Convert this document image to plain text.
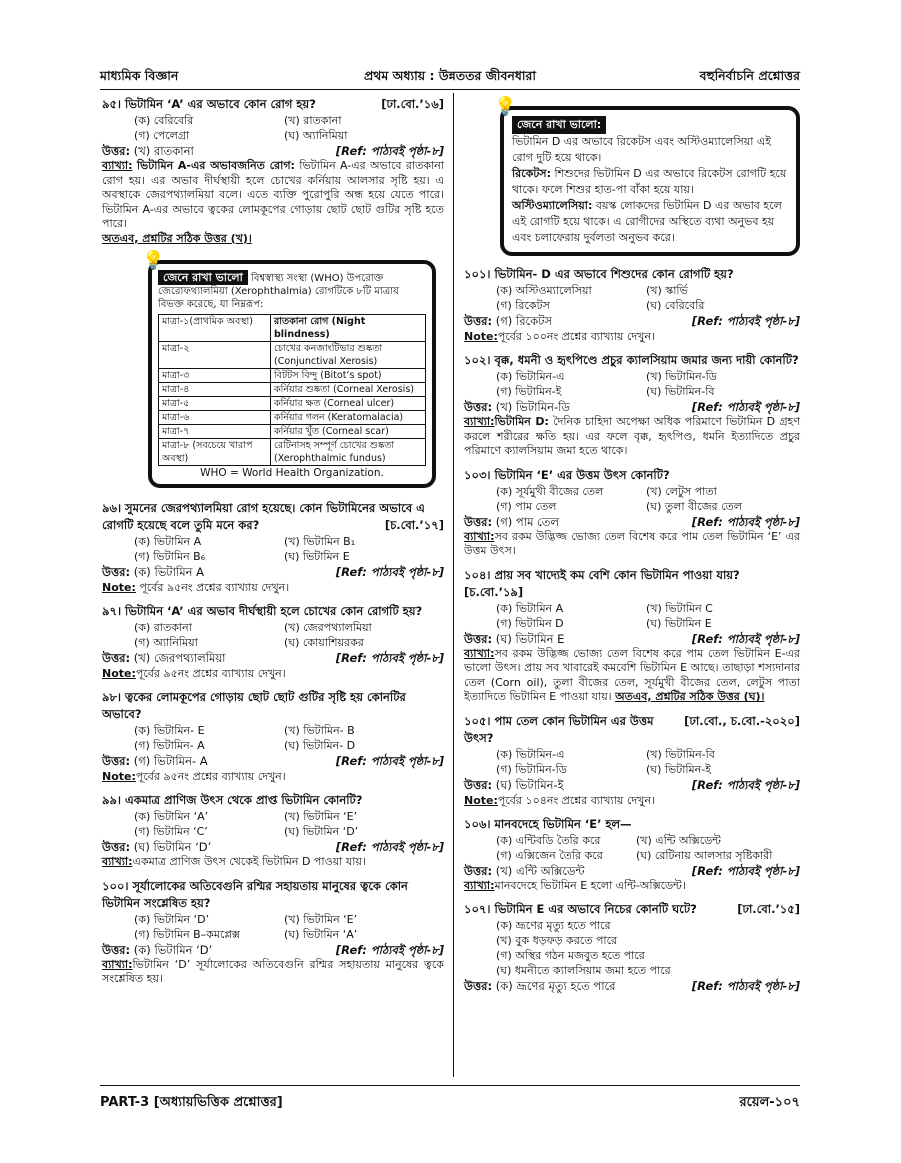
মাধ্যমিক বিজ্ঞান	প্রথম অধ্যায় : উন্নততর জীবনধারা	বহুনির্বাচনি প্রশ্নোত্তর
[ঢা.বো.’১৬]
৯৫। ভিটামিন ‘A’ এর অভাবে কোন রোগ হয়?
(ক) বেরিবেরি	(খ) রাতকানা
(গ) পেলেগ্রা	(ঘ) অ্যানিমিয়া
[Ref: পাঠ্যবই পৃষ্ঠা-৮]
উত্তর: (খ) রাতকানা
ব্যাখ্যা: ভিটামিন A-এর অভাবজনিত রোগ: ভিটামিন A-এর অভাবে রাতকানা রোগ হয়। এর অভাব দীর্ঘস্থায়ী হলে চোখের কর্নিয়ায় আলসার সৃষ্টি হয়। এ অবস্থাকে জেরপথ্যালমিয়া বলে। এতে ব্যক্তি পুরোপুরি অন্ধ হয়ে যেতে পারে। ভিটামিন A-এর অভাবে ত্বকের লোমকূপের গোড়ায় ছোট ছোট গুটির সৃষ্টি হতে পারে।
অতএব, প্রশ্নটির সঠিক উত্তর (খ)।
💡

জেনে রাখা ভালো বিশ্বস্বাস্থ্য সংস্থা (WHO) উপরোক্ত জেরোফথ্যালমিয়া (Xerophthalmia) রোগটিকে ৮টি মাত্রায় বিভক্ত করেছে, যা নিম্নরূপ:

মাত্রা-১(প্রাথমিক অবস্থা)	রাতকানা রোগ (Night blindness)
মাত্রা-২	চোখের কনজাংটিভার শুষ্কতা (Conjunctival Xerosis)
মাত্রা-৩	বিটটস বিন্দু (Bitot’s spot)
মাত্রা-৪	কর্নিয়ার শুষ্কতা (Corneal Xerosis)
মাত্রা-৫	কর্নিয়ার ক্ষত (Corneal ulcer)
মাত্রা-৬	কর্নিয়ার গলন (Keratomalacia)
মাত্রা-৭	কর্নিয়ার খুঁত (Corneal scar)
মাত্রা-৮ (সবচেয়ে খারাপ অবস্থা)	রেটিনাসহ সম্পূর্ণ চোখের শুষ্কতা (Xerophthalmic fundus)

WHO = World Health Organization.

৯৬। সুমনের জেরপথ্যালমিয়া রোগ হয়েছে। কোন ভিটামিনের অভাবে এ রোগটি হয়েছে বলে তুমি মনে কর?	[চ.বো.’১৭]
(ক) ভিটামিন A	(খ) ভিটামিন B₁
(গ) ভিটামিন B₆	(ঘ) ভিটামিন E
[Ref: পাঠ্যবই পৃষ্ঠা-৮]
উত্তর: (ক) ভিটামিন A
Note: পূর্বের ৯৫নং প্রশ্নের ব্যাখ্যায় দেখুন।
৯৭। ভিটামিন ‘A’ এর অভাব দীর্ঘস্থায়ী হলে চোখের কোন রোগটি হয়?
(ক) রাতকানা	(খ) জেরপথ্যালমিয়া
(গ) অ্যানিমিয়া	(ঘ) কোয়াশিয়রকর
[Ref: পাঠ্যবই পৃষ্ঠা-৮]
উত্তর: (খ) জেরপথ্যালমিয়া
Note:পূর্বের ৯৫নং প্রশ্নের ব্যাখ্যায় দেখুন।
৯৮। ত্বকের লোমকূপের গোড়ায় ছোট ছোট গুটির সৃষ্টি হয় কোনটির অভাবে?
(ক) ভিটামিন- E	(খ) ভিটামিন- B
(গ) ভিটামিন- A	(ঘ) ভিটামিন- D
[Ref: পাঠ্যবই পৃষ্ঠা-৮]
উত্তর: (গ) ভিটামিন- A
Note:পূর্বের ৯৫নং প্রশ্নের ব্যাখ্যায় দেখুন।
৯৯। একমাত্র প্রাণিজ উৎস থেকে প্রাপ্ত ভিটামিন কোনটি?
(ক) ভিটামিন ‘A’	(খ) ভিটামিন ‘E’
(গ) ভিটামিন ‘C’	(ঘ) ভিটামিন ‘D’
[Ref: পাঠ্যবই পৃষ্ঠা-৮]
উত্তর: (ঘ) ভিটামিন ‘D’
ব্যাখ্যা:একমাত্র প্রাণিজ উৎস থেকেই ভিটামিন D পাওয়া যায়।
১০০। সূর্যালোকের অতিবেগুনি রশ্মির সহায়তায় মানুষের ত্বকে কোন ভিটামিন সংশ্লেষিত হয়?
(ক) ভিটামিন ‘D’	(খ) ভিটামিন ‘E’
(গ) ভিটামিন B–কমপ্লেক্স	(ঘ) ভিটামিন ‘A’
[Ref: পাঠ্যবই পৃষ্ঠা-৮]
উত্তর: (ক) ভিটামিন ‘D’
ব্যাখ্যা:ভিটামিন ‘D’ সূর্যালোকের অতিবেগুনি রশ্মির সহায়তায় মানুষের ত্বকে সংশ্লেষিত হয়।
💡

জেনে রাখা ভালো:

ভিটামিন D এর অভাবে রিকেটস এবং অস্টিওম্যালেসিয়া এই রোগ দুটি হয়ে থাকে।

রিকেটস: শিশুদের ভিটামিন D এর অভাবে রিকেটস রোগটি হয়ে থাকে। ফলে শিশুর হাত-পা বাঁকা হয়ে যায়।

অস্টিওম্যালেসিয়া: বয়স্ক লোকদের ভিটামিন D এর অভাব হলে এই রোগটি হয়ে থাকে। এ রোগীদের অস্থিতে ব্যথা অনুভব হয় এবং চলাফেরায় দুর্বলতা অনুভব করে।

১০১। ভিটামিন- D এর অভাবে শিশুদের কোন রোগটি হয়?
(ক) অস্টিওম্যালেসিয়া	(খ) স্কার্ভি
(গ) রিকেটস	(ঘ) বেরিবেরি
[Ref: পাঠ্যবই পৃষ্ঠা-৮]
উত্তর: (গ) রিকেটস
Note:পূর্বের ১০০নং প্রশ্নের ব্যাখ্যায় দেখুন।
১০২। বৃক্ক, ধমনী ও হৃৎপিণ্ডে প্রচুর ক্যালসিয়াম জমার জন্য দায়ী কোনটি?
(ক) ভিটামিন-এ	(খ) ভিটামিন-ডি
(গ) ভিটামিন-ই	(ঘ) ভিটামিন-বি
[Ref: পাঠ্যবই পৃষ্ঠা-৮]
উত্তর: (খ) ভিটামিন-ডি
ব্যাখ্যা:ভিটামিন D: দৈনিক চাহিদা অপেক্ষা অধিক পরিমাণে ভিটামিন D গ্রহণ করলে শরীরের ক্ষতি হয়। এর ফলে বৃক্ক, হৃৎপিণ্ড, ধমনি ইত্যাদিতে প্রচুর পরিমাণে ক্যালসিয়াম জমা হতে থাকে।
১০৩। ভিটামিন ‘E’ এর উত্তম উৎস কোনটি?
(ক) সূর্যমুখী বীজের তেল	(খ) লেটুস পাতা
(গ) পাম তেল	(ঘ) তুলা বীজের তেল
[Ref: পাঠ্যবই পৃষ্ঠা-৮]
উত্তর: (গ) পাম তেল
ব্যাখ্যা:সব রকম উদ্ভিজ্জ ভোজ্য তেল বিশেষ করে পাম তেল ভিটামিন ‘E’ এর উত্তম উৎস।
১০৪। প্রায় সব খাদ্যেই কম বেশি কোন ভিটামিন পাওয়া যায়? [চ.বো.’১৯]
(ক) ভিটামিন A	(খ) ভিটামিন C
(গ) ভিটামিন D	(ঘ) ভিটামিন E
[Ref: পাঠ্যবই পৃষ্ঠা-৮]
উত্তর: (ঘ) ভিটামিন E
ব্যাখ্যা:সব রকম উদ্ভিজ্জ ভোজ্য তেল বিশেষ করে পাম তেল ভিটামিন E-এর ভালো উৎস। প্রায় সব খাবারেই কমবেশি ভিটামিন E আছে। তাছাড়া শস্যদানার তেল (Corn oil), তুলা বীজের তেল, সূর্যমুখী বীজের তেল, লেটুস পাতা ইত্যাদিতে ভিটামিন E পাওয়া যায়। অতএব, প্রশ্নটির সঠিক উত্তর (ঘ)।
[ঢা.বো., চ.বো.-২০২০]
১০৫। পাম তেল কোন ভিটামিন এর উত্তম উৎস?
(ক) ভিটামিন-এ	(খ) ভিটামিন-বি
(গ) ভিটামিন-ডি	(ঘ) ভিটামিন-ই
[Ref: পাঠ্যবই পৃষ্ঠা-৮]
উত্তর: (ঘ) ভিটামিন-ই
Note:পূর্বের ১০৪নং প্রশ্নের ব্যাখ্যায় দেখুন।
১০৬। মানবদেহে ভিটামিন ‘E’ হল—
(ক) এন্টিবডি তৈরি করে	(খ) এন্টি অক্সিডেন্ট
(গ) এক্সিজেন তৈরি করে	(ঘ) রেটিনায় আলসার সৃষ্টিকারী
[Ref: পাঠ্যবই পৃষ্ঠা-৮]
উত্তর: (খ) এন্টি অক্সিডেন্ট
ব্যাখ্যা:মানবদেহে ভিটামিন E হলো এন্টি-অক্সিডেন্ট।
[ঢা.বো.’১৫]
১০৭। ভিটামিন E এর অভাবে নিচের কোনটি ঘটে?
(ক) ভ্রূণের মৃত্যু হতে পারে
(খ) বুক ধড়ফড় করতে পারে
(গ) অস্থির গঠন মজবুত হতে পারে
(ঘ) ধমনীতে ক্যালসিয়াম জমা হতে পারে
[Ref: পাঠ্যবই পৃষ্ঠা-৮]
উত্তর: (ক) ভ্রূণের মৃত্যু হতে পারে
PART-3 [অধ্যায়ভিত্তিক প্রশ্নোত্তর]	রয়েল-১০৭
